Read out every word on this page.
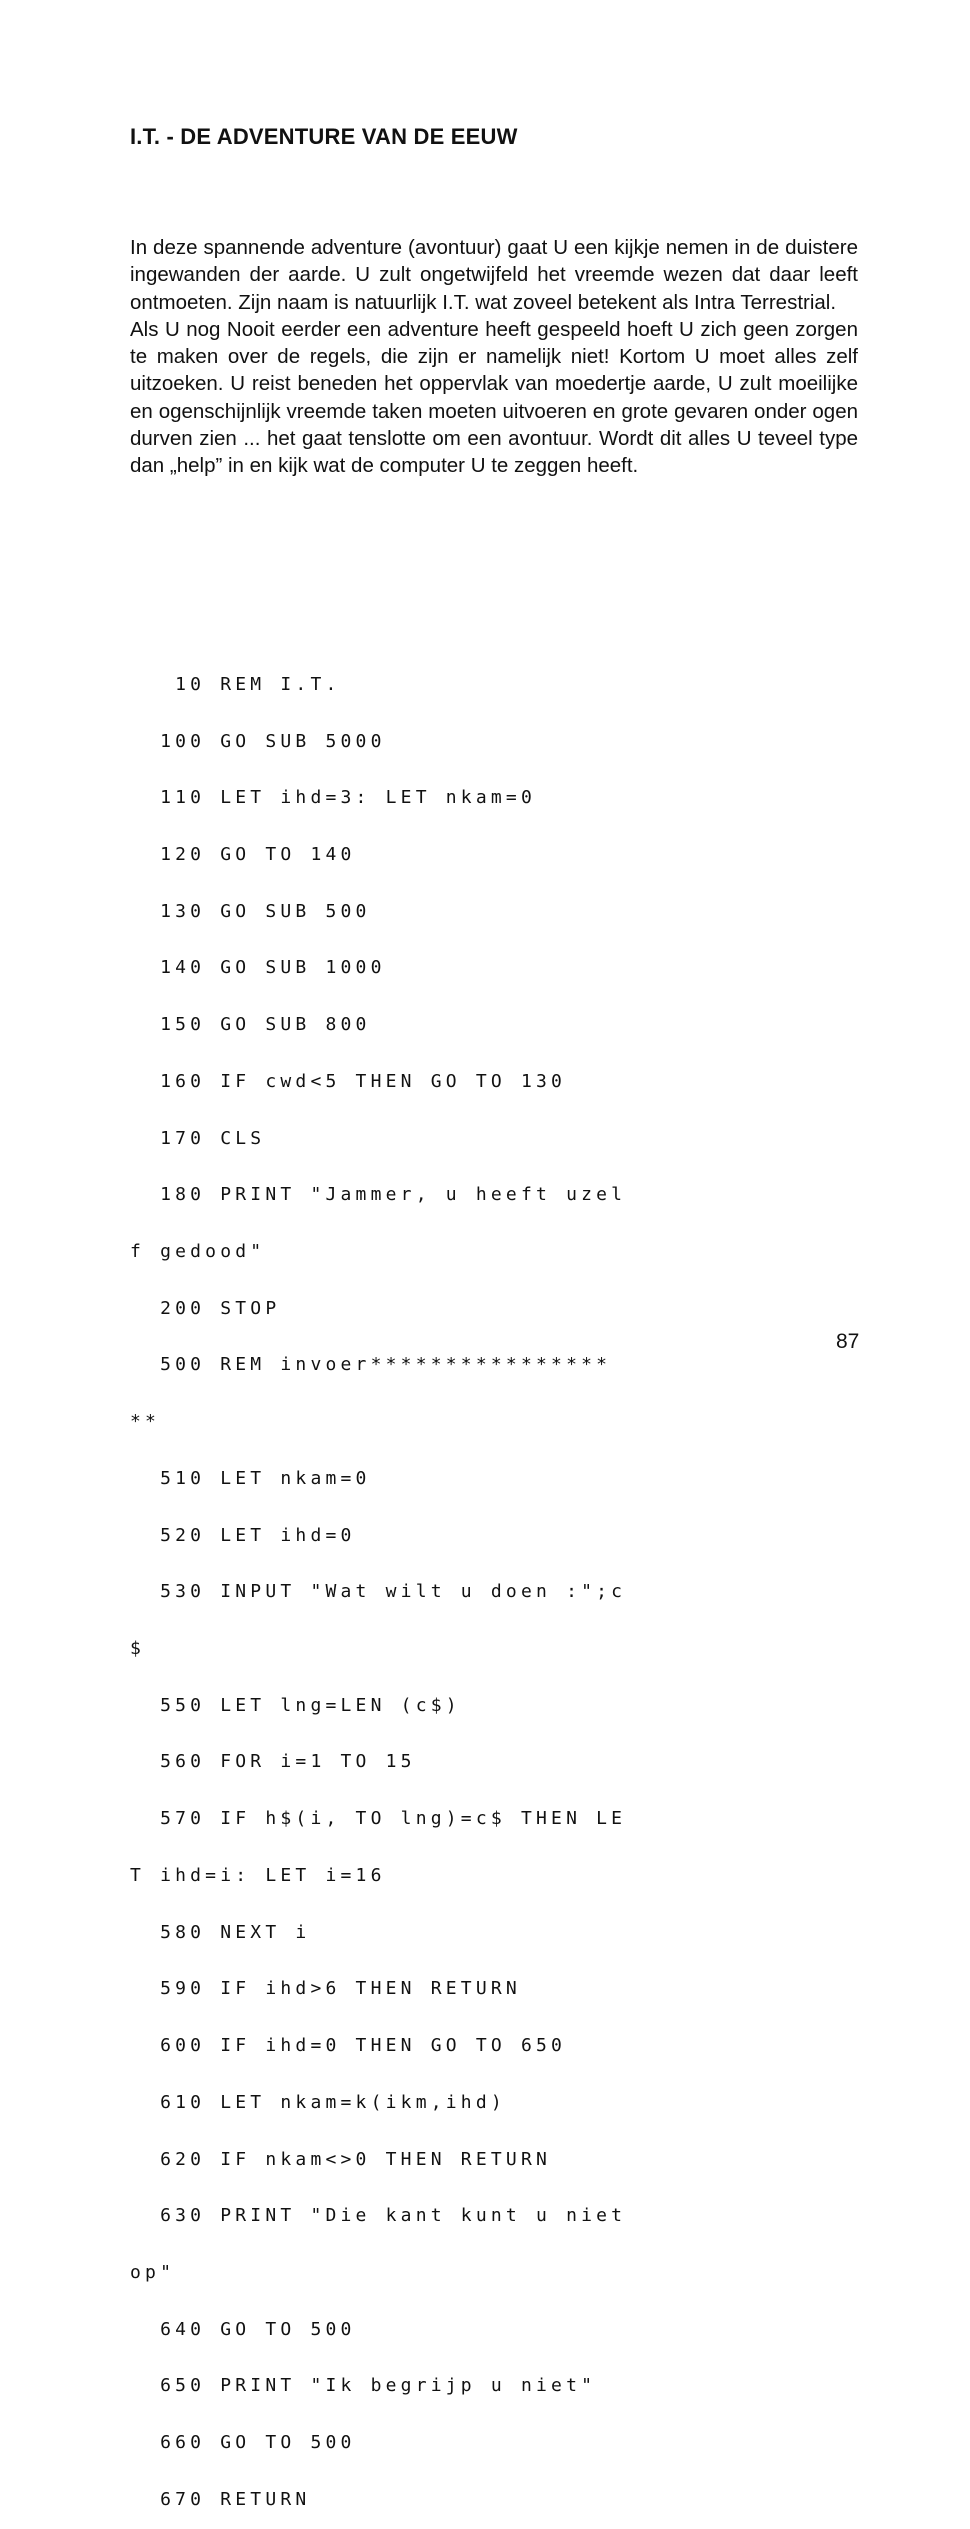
I.T. - DE ADVENTURE VAN DE EEUW

In deze spannende adventure (avontuur) gaat U een kijkje nemen in de duistere ingewanden der aarde. U zult ongetwijfeld het vreemde wezen dat daar leeft ontmoeten. Zijn naam is natuurlijk I.T. wat zoveel betekent als Intra Terrestrial.

Als U nog Nooit eerder een adventure heeft gespeeld hoeft U zich geen zorgen te maken over de regels, die zijn er namelijk niet! Kortom U moet alles zelf uitzoeken. U reist beneden het oppervlak van moedertje aarde, U zult moeilijke en ogenschijnlijk vreemde taken moeten uitvoeren en grote gevaren onder ogen durven zien ... het gaat tenslotte om een avontuur. Wordt dit alles U teveel type dan „help” in en kijk wat de computer U te zeggen heeft.

10 REM I.T.

100 GO SUB 5000

110 LET ihd=3: LET nkam=0

120 GO TO 140

130 GO SUB 500

140 GO SUB 1000

150 GO SUB 800

160 IF cwd<5 THEN GO TO 130

170 CLS

180 PRINT "Jammer, u heeft uzel

f gedood"

200 STOP

500 REM invoer****************

**

510 LET nkam=0

520 LET ihd=0

530 INPUT "Wat wilt u doen :";c

$

550 LET lng=LEN (c$)

560 FOR i=1 TO 15

570 IF h$(i, TO lng)=c$ THEN LE

T ihd=i: LET i=16

580 NEXT i

590 IF ihd>6 THEN RETURN

600 IF ihd=0 THEN GO TO 650

610 LET nkam=k(ikm,ihd)

620 IF nkam<>0 THEN RETURN

630 PRINT "Die kant kunt u niet

op"

640 GO TO 500

650 PRINT "Ik begrijp u niet"

660 GO TO 500

670 RETURN

87
